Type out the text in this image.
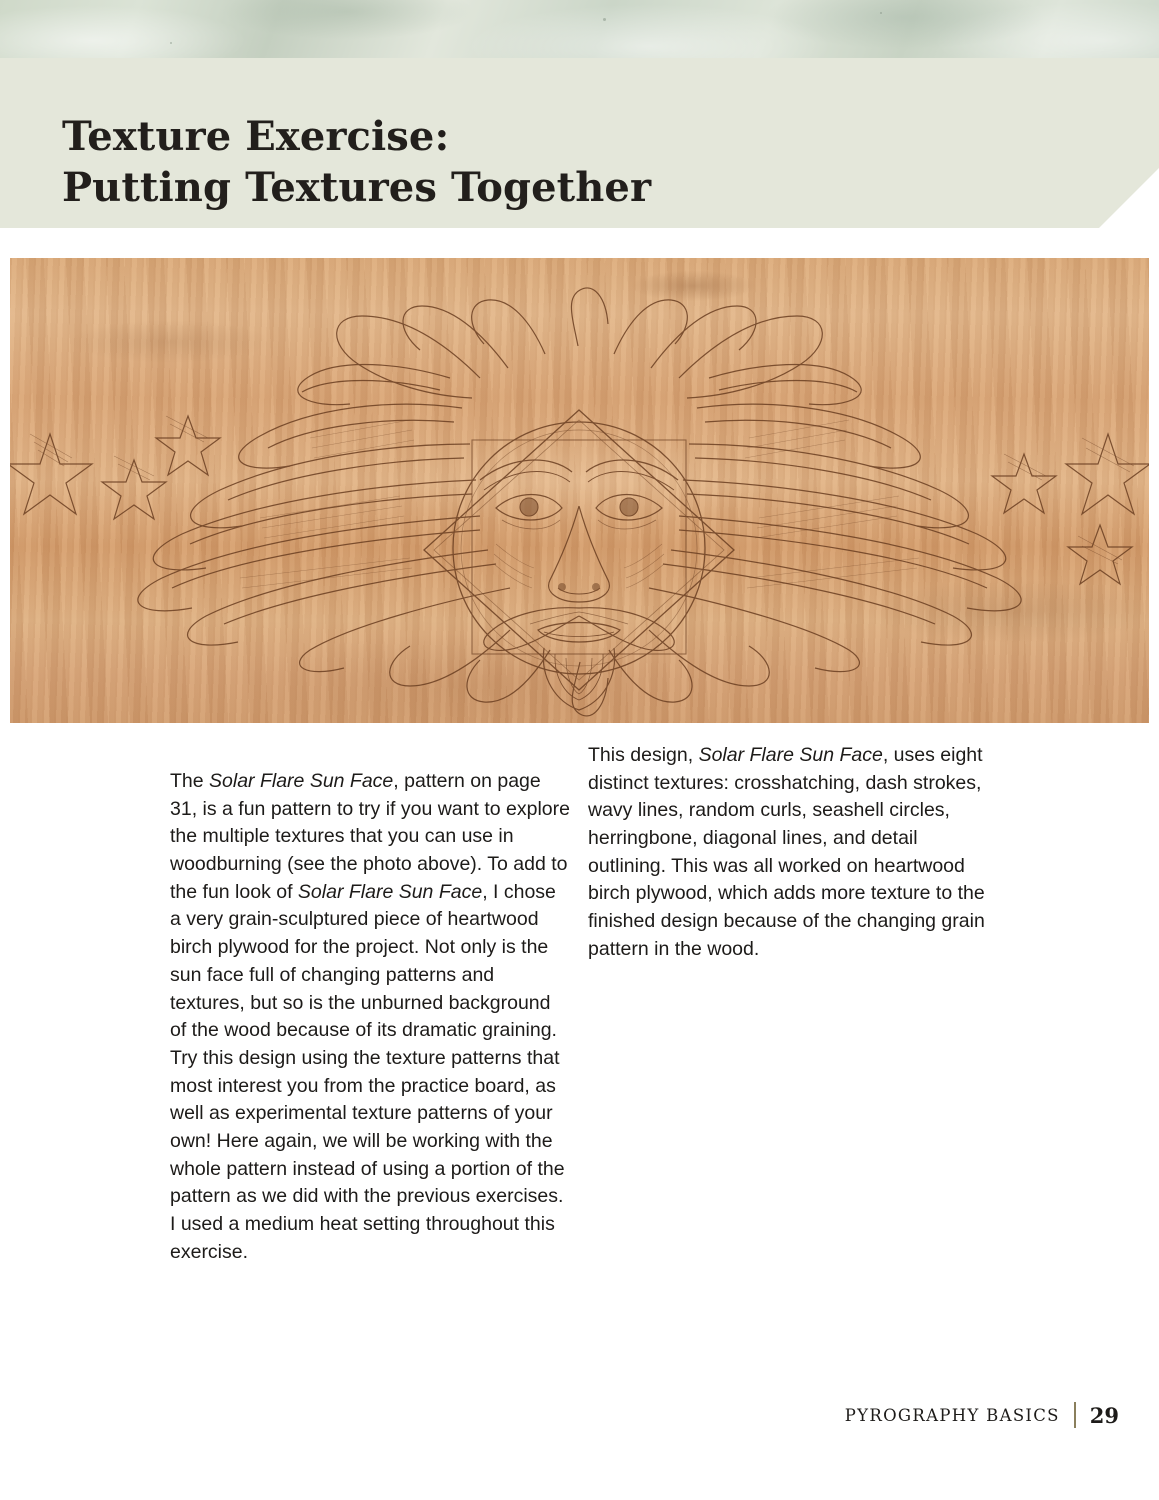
Texture Exercise:
Putting Textures Together

The Solar Flare Sun Face, pattern on page 31, is a fun pattern to try if you want to explore the multiple textures that you can use in woodburning (see the photo above). To add to the fun look of Solar Flare Sun Face, I chose a very grain-sculptured piece of heartwood birch plywood for the project. Not only is the sun face full of changing patterns and textures, but so is the unburned background of the wood because of its dramatic graining. Try this design using the texture patterns that most interest you from the practice board, as well as experimental texture patterns of your own! Here again, we will be working with the whole pattern instead of using a portion of the pattern as we did with the previous exercises. I used a medium heat setting throughout this exercise.

This design, Solar Flare Sun Face, uses eight distinct textures: crosshatching, dash strokes, wavy lines, random curls, seashell circles, herringbone, diagonal lines, and detail outlining. This was all worked on heartwood birch plywood, which adds more texture to the finished design because of the changing grain pattern in the wood.

PYROGRAPHY BASICS 29
